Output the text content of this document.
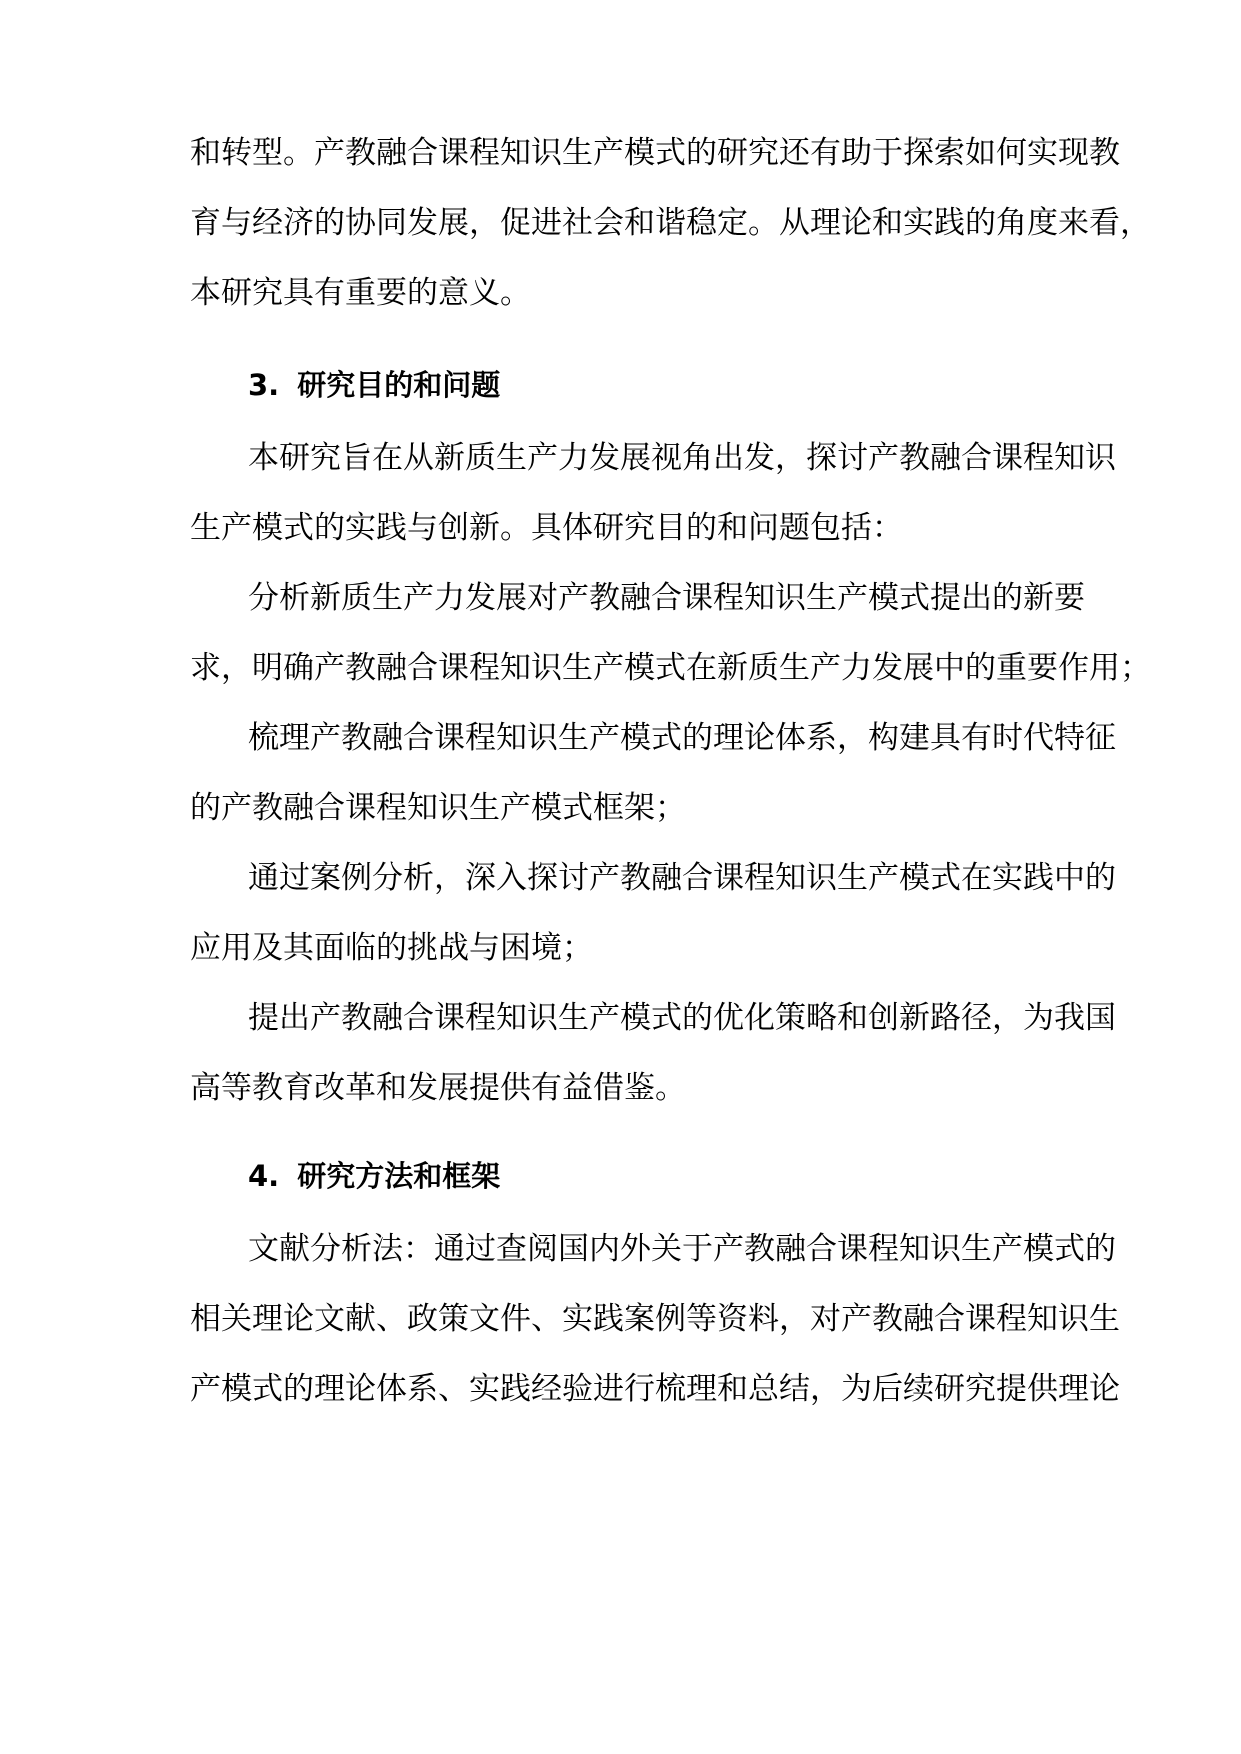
和转型。产教融合课程知识生产模式的研究还有助于探索如何实现教
育与经济的协同发展，促进社会和谐稳定。从理论和实践的角度来看，
本研究具有重要的意义。
3. 研究目的和问题
本研究旨在从新质生产力发展视角出发，探讨产教融合课程知识
生产模式的实践与创新。具体研究目的和问题包括：
分析新质生产力发展对产教融合课程知识生产模式提出的新要
求，明确产教融合课程知识生产模式在新质生产力发展中的重要作用；
梳理产教融合课程知识生产模式的理论体系，构建具有时代特征
的产教融合课程知识生产模式框架；
通过案例分析，深入探讨产教融合课程知识生产模式在实践中的
应用及其面临的挑战与困境；
提出产教融合课程知识生产模式的优化策略和创新路径，为我国
高等教育改革和发展提供有益借鉴。
4. 研究方法和框架
文献分析法：通过查阅国内外关于产教融合课程知识生产模式的
相关理论文献、政策文件、实践案例等资料，对产教融合课程知识生
产模式的理论体系、实践经验进行梳理和总结，为后续研究提供理论
